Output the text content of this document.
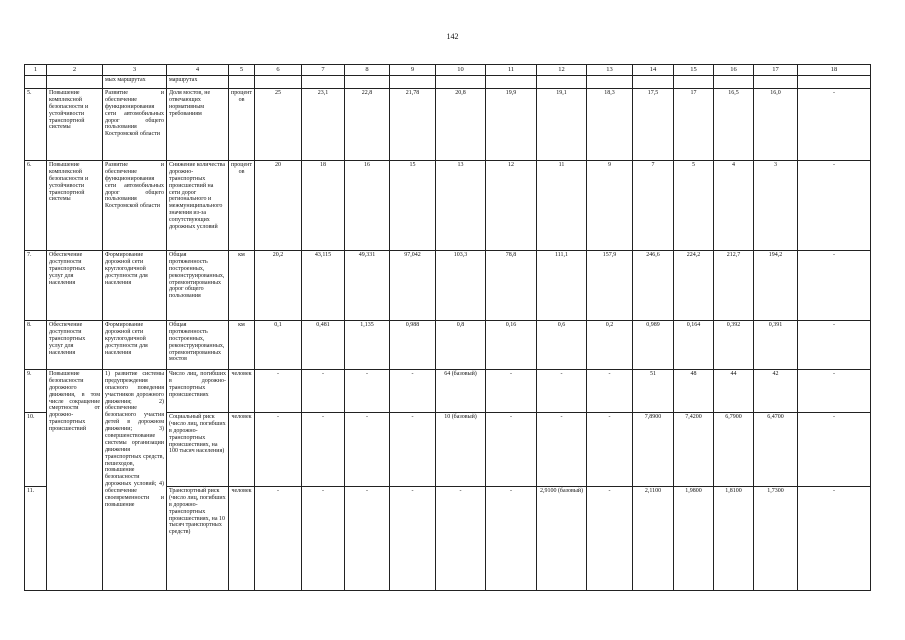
142
1	2	3	4	5	6	7	8	9	10	11	12	13	14	15	16	17	18
		мых маршрутах	маршрутах														
5.	Повышение комплексной безопасности и устойчивости транспортной системы	Развитие и обеспечение функционирования сети автомобильных дорог общего пользования Костромской области	Доля мостов, не отвечающих нормативным требованиям	процентов	25	23,1	22,8	21,78	20,8	19,9	19,1	18,3	17,5	17	16,5	16,0	-
6.	Повышение комплексной безопасности и устойчивости транспортной системы	Развитие и обеспечение функционирования сети автомобильных дорог общего пользования Костромской области	Снижение количества дорожно-транспортных происшествий на сети дорог регионального и межмуниципального значения из-за сопутствующих дорожных условий	процентов	20	18	16	15	13	12	11	9	7	5	4	3	-
7.	Обеспечение доступности транспортных услуг для населения	Формирование дорожной сети круглогодичной доступности для населения	Общая протяженность построенных, реконструированных, отремонтированных дорог общего пользования	км	20,2	43,115	49,331	97,042	103,3	78,8	111,1	157,9	246,6	224,2	212,7	194,2	-
8.	Обеспечение доступности транспортных услуг для населения	Формирование дорожной сети круглогодичной доступности для населения	Общая протяженность построенных, реконструированных, отремонтированных мостов	км	0,1	0,481	1,135	0,988	0,8	0,16	0,6	0,2	0,989	0,164	0,392	0,391	-
9.	Повышение безопасности дорожного движения, в том числе сокращение смертности от дорожно-транспортных происшествий	1) развитие системы предупреждения опасного поведения участников дорожного движения; 2) обеспечение безопасного участия детей в дорожном движении; 3) совершенствование системы организации движения транспортных средств, пешеходов, повышение безопасности дорожных условий; 4) обеспечение своевременности и повышение	Число лиц, погибших в дорожно-транспортных происшествиях	человек	-	-	-	-	64 (базовый)	-	-	-	51	48	44	42	-
10.			Социальный риск (число лиц, погибших в дорожно-транспортных происшествиях, на 100 тысяч населения)	человек	-	-	-	-	10 (базовый)	-	-	-	7,8900	7,4200	6,7900	6,4700	-
11.			Транспортный риск (число лиц, погибших в дорожно-транспортных происшествиях, на 10 тысяч транспортных средств)	человек	-	-	-	-	-	-	2,9100 (базовый)	-	2,1100	1,9800	1,8100	1,7300	-
